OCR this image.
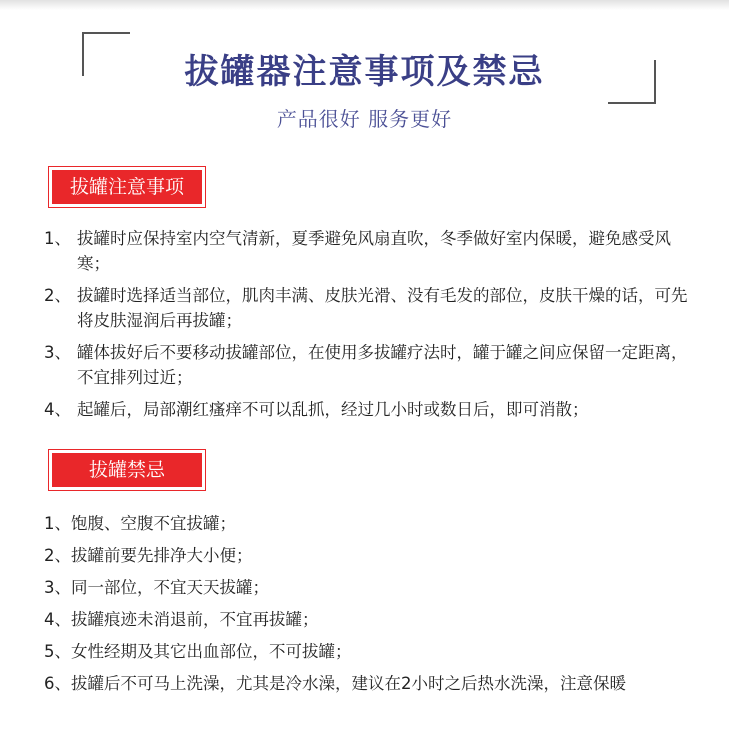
拔罐器注意事项及禁忌
产品很好 服务更好
拔罐注意事项
1、 拔罐时应保持室内空气清新，夏季避免风扇直吹，冬季做好室内保暖，避免感受风寒；
2、 拔罐时选择适当部位，肌肉丰满、皮肤光滑、没有毛发的部位，皮肤干燥的话，可先将皮肤湿润后再拔罐；
3、 罐体拔好后不要移动拔罐部位，在使用多拔罐疗法时，罐于罐之间应保留一定距离，不宜排列过近；
4、 起罐后，局部潮红瘙痒不可以乱抓，经过几小时或数日后，即可消散；
拔罐禁忌
1、饱腹、空腹不宜拔罐；
2、拔罐前要先排净大小便；
3、同一部位，不宜天天拔罐；
4、拔罐痕迹未消退前，不宜再拔罐；
5、女性经期及其它出血部位，不可拔罐；
6、拔罐后不可马上洗澡，尤其是冷水澡，建议在2小时之后热水洗澡，注意保暖
